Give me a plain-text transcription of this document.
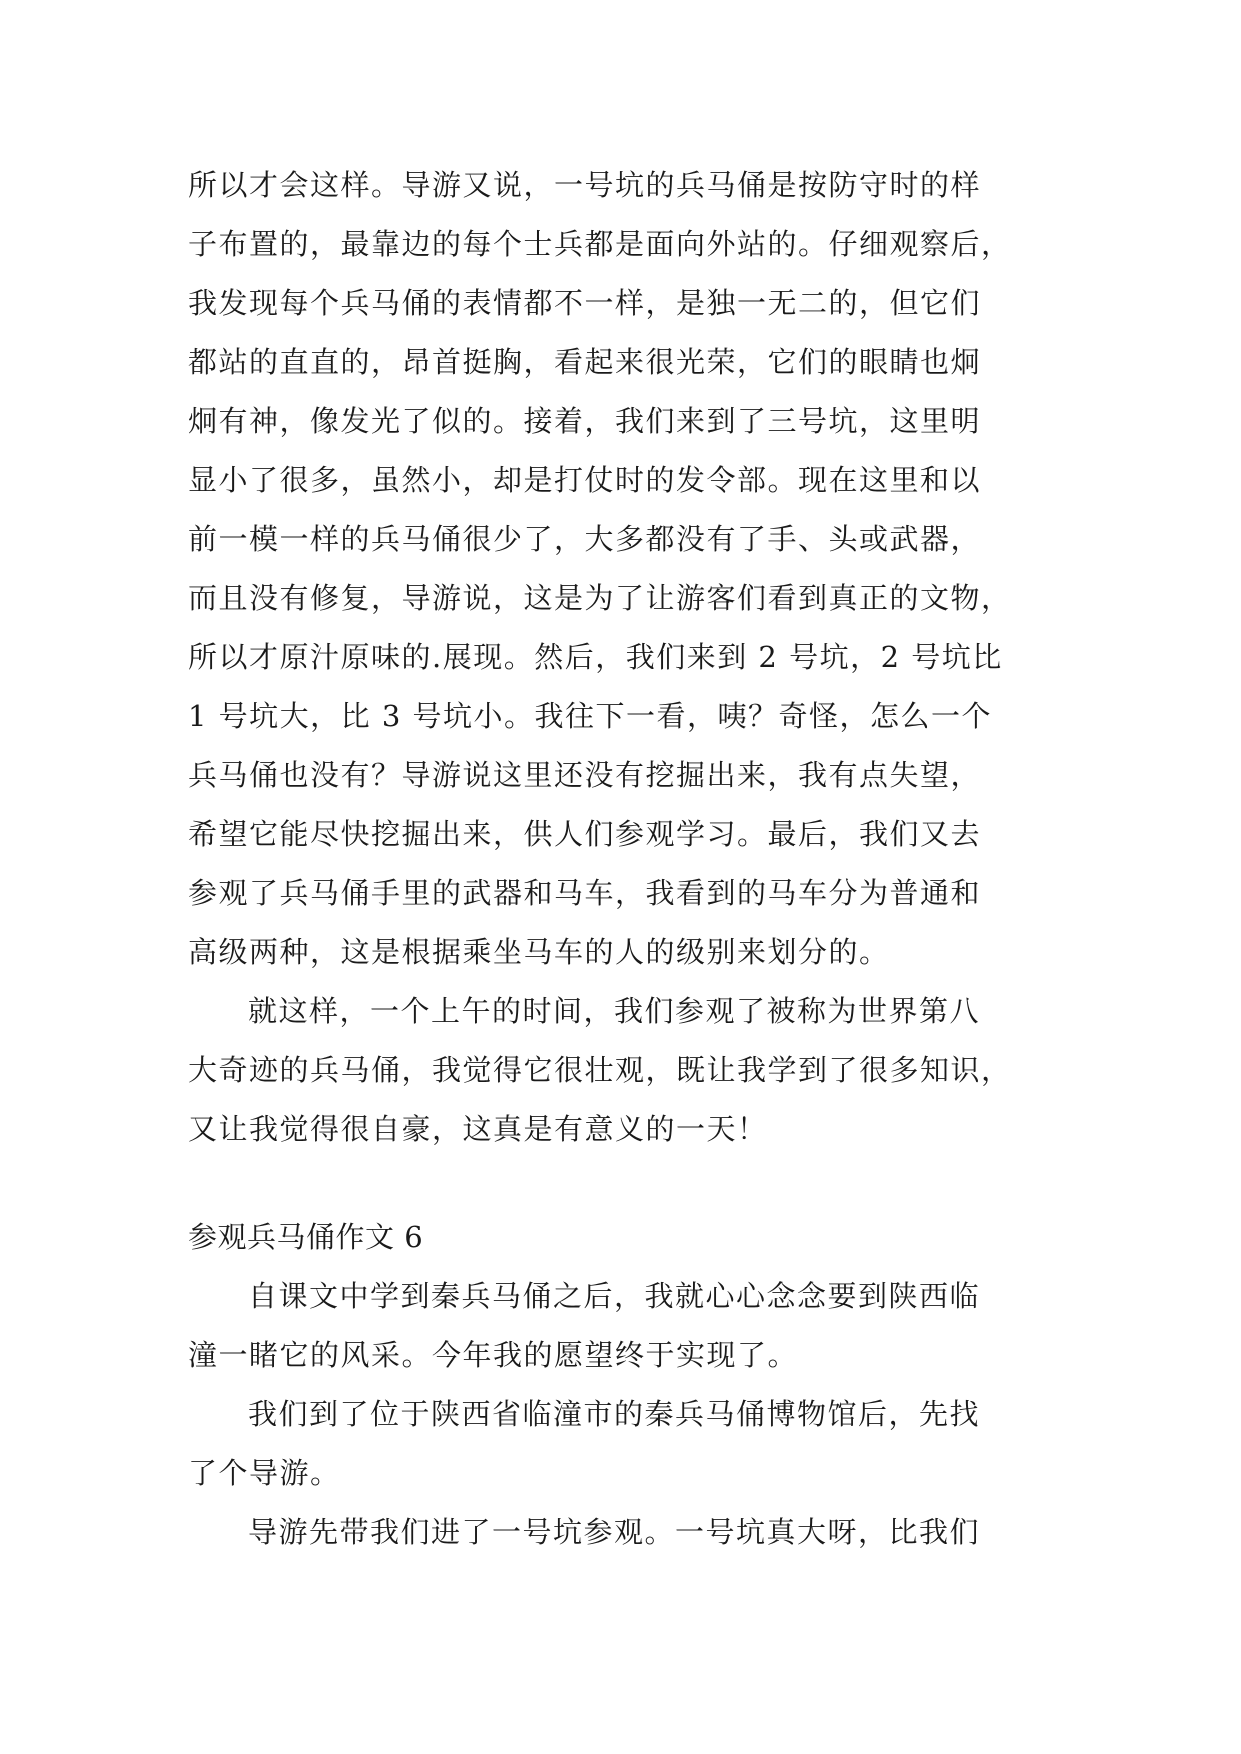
所以才会这样。导游又说，一号坑的兵马俑是按防守时的样
子布置的，最靠边的每个士兵都是面向外站的。仔细观察后，
我发现每个兵马俑的表情都不一样，是独一无二的，但它们
都站的直直的，昂首挺胸，看起来很光荣，它们的眼睛也炯
炯有神，像发光了似的。接着，我们来到了三号坑，这里明
显小了很多，虽然小，却是打仗时的发令部。现在这里和以
前一模一样的兵马俑很少了，大多都没有了手、头或武器，
而且没有修复，导游说，这是为了让游客们看到真正的文物，
所以才原汁原味的.展现。然后，我们来到 2 号坑，2 号坑比
1 号坑大，比 3 号坑小。我往下一看，咦？奇怪，怎么一个
兵马俑也没有？导游说这里还没有挖掘出来，我有点失望，
希望它能尽快挖掘出来，供人们参观学习。最后，我们又去
参观了兵马俑手里的武器和马车，我看到的马车分为普通和
高级两种，这是根据乘坐马车的人的级别来划分的。
就这样，一个上午的时间，我们参观了被称为世界第八
大奇迹的兵马俑，我觉得它很壮观，既让我学到了很多知识，
又让我觉得很自豪，这真是有意义的一天！
参观兵马俑作文 6
自课文中学到秦兵马俑之后，我就心心念念要到陕西临
潼一睹它的风采。今年我的愿望终于实现了。
我们到了位于陕西省临潼市的秦兵马俑博物馆后，先找
了个导游。
导游先带我们进了一号坑参观。一号坑真大呀，比我们
